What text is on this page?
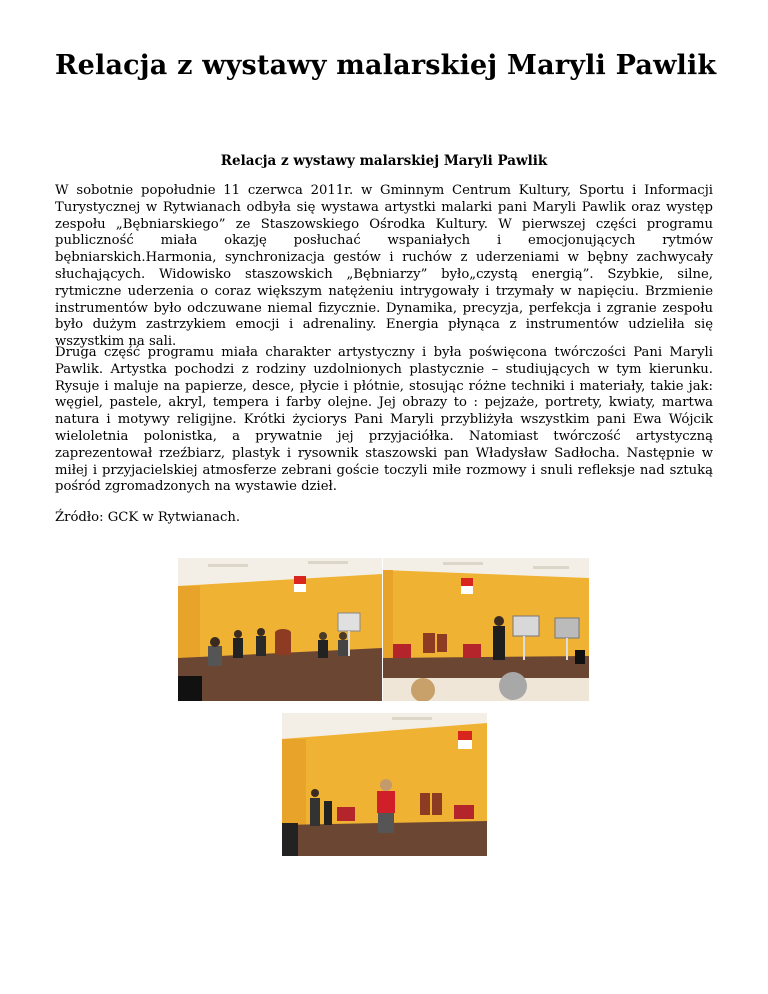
Relacja z wystawy malarskiej Maryli Pawlik

Relacja z wystawy malarskiej Maryli Pawlik

W sobotnie popołudnie 11 czerwca 2011r. w Gminnym Centrum Kultury, Sportu i Informacji Turystycznej w Rytwianach odbyła się wystawa artystki malarki pani Maryli Pawlik oraz występ zespołu „Bębniarskiego” ze Staszowskiego Ośrodka Kultury. W pierwszej części programu publiczność miała okazję posłuchać wspaniałych i emocjonujących rytmów bębniarskich.Harmonia, synchronizacja gestów i ruchów z uderzeniami w bębny zachwycały słuchających. Widowisko staszowskich „Bębniarzy” było„czystą energią”. Szybkie, silne, rytmiczne uderzenia o coraz większym natężeniu intrygowały i trzymały w napięciu. Brzmienie instrumentów było odczuwane niemal fizycznie. Dynamika, precyzja, perfekcja i zgranie zespołu było dużym zastrzykiem emocji i adrenaliny. Energia płynąca z instrumentów udzieliła się wszystkim na sali.

Druga część programu miała charakter artystyczny i była poświęcona twórczości Pani Maryli Pawlik. Artystka pochodzi z rodziny uzdolnionych plastycznie – studiujących w tym kierunku. Rysuje i maluje na papierze, desce, płycie i płótnie, stosując różne techniki i materiały, takie jak: węgiel, pastele, akryl, tempera i farby olejne. Jej obrazy to : pejzaże, portrety, kwiaty, martwa natura i motywy religijne. Krótki życiorys Pani Maryli przybliżyła wszystkim pani Ewa Wójcik wieloletnia polonistka, a prywatnie jej przyjaciółka. Natomiast twórczość artystyczną zaprezentował rzeźbiarz, plastyk i rysownik staszowski pan Władysław Sadłocha. Następnie w miłej i przyjacielskiej atmosferze zebrani goście toczyli miłe rozmowy i snuli refleksje nad sztuką pośród zgromadzonych na wystawie dzieł.

Źródło: GCK w Rytwianach.
